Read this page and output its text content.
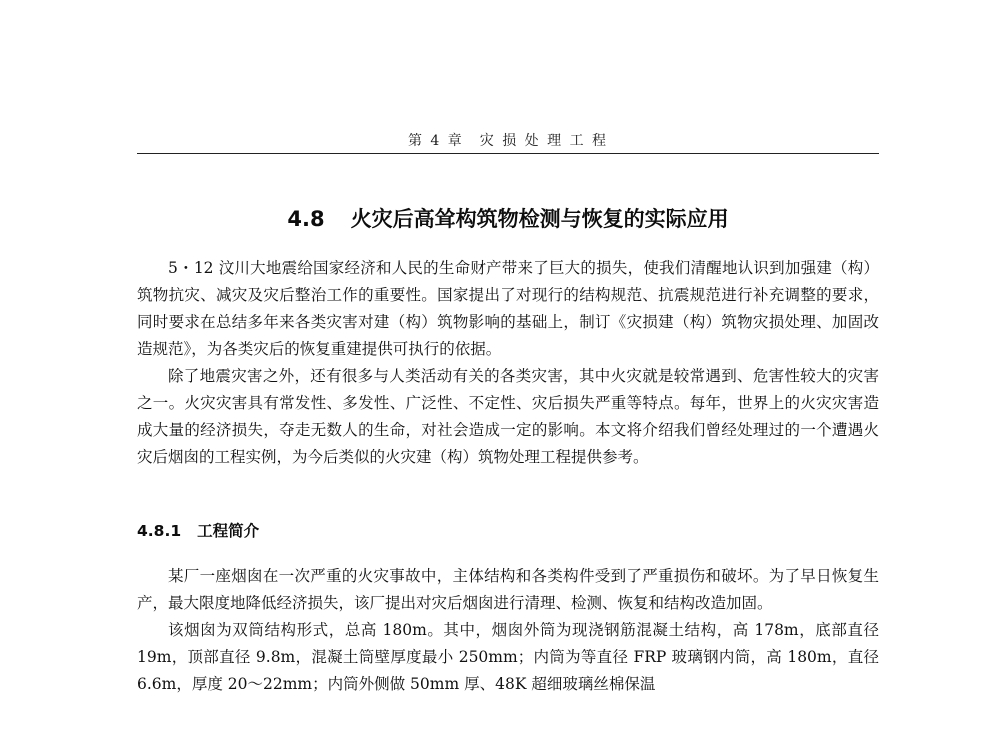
第 4 章　灾 损 处 理 工 程
4.8 火灾后高耸构筑物检测与恢复的实际应用

5・12 汶川大地震给国家经济和人民的生命财产带来了巨大的损失，使我们清醒地认识到加强建（构）筑物抗灾、减灾及灾后整治工作的重要性。国家提出了对现行的结构规范、抗震规范进行补充调整的要求，同时要求在总结多年来各类灾害对建（构）筑物影响的基础上，制订《灾损建（构）筑物灾损处理、加固改造规范》，为各类灾后的恢复重建提供可执行的依据。

除了地震灾害之外，还有很多与人类活动有关的各类灾害，其中火灾就是较常遇到、危害性较大的灾害之一。火灾灾害具有常发性、多发性、广泛性、不定性、灾后损失严重等特点。每年，世界上的火灾灾害造成大量的经济损失，夺走无数人的生命，对社会造成一定的影响。本文将介绍我们曾经处理过的一个遭遇火灾后烟囱的工程实例，为今后类似的火灾建（构）筑物处理工程提供参考。

4.8.1 工程简介

某厂一座烟囱在一次严重的火灾事故中，主体结构和各类构件受到了严重损伤和破坏。为了早日恢复生产，最大限度地降低经济损失，该厂提出对灾后烟囱进行清理、检测、恢复和结构改造加固。

该烟囱为双筒结构形式，总高 180m。其中，烟囱外筒为现浇钢筋混凝土结构，高 178m，底部直径 19m，顶部直径 9.8m，混凝土筒壁厚度最小 250mm；内筒为等直径 FRP 玻璃钢内筒，高 180m，直径 6.6m，厚度 20～22mm；内筒外侧做 50mm 厚、48K 超细玻璃丝棉保温
